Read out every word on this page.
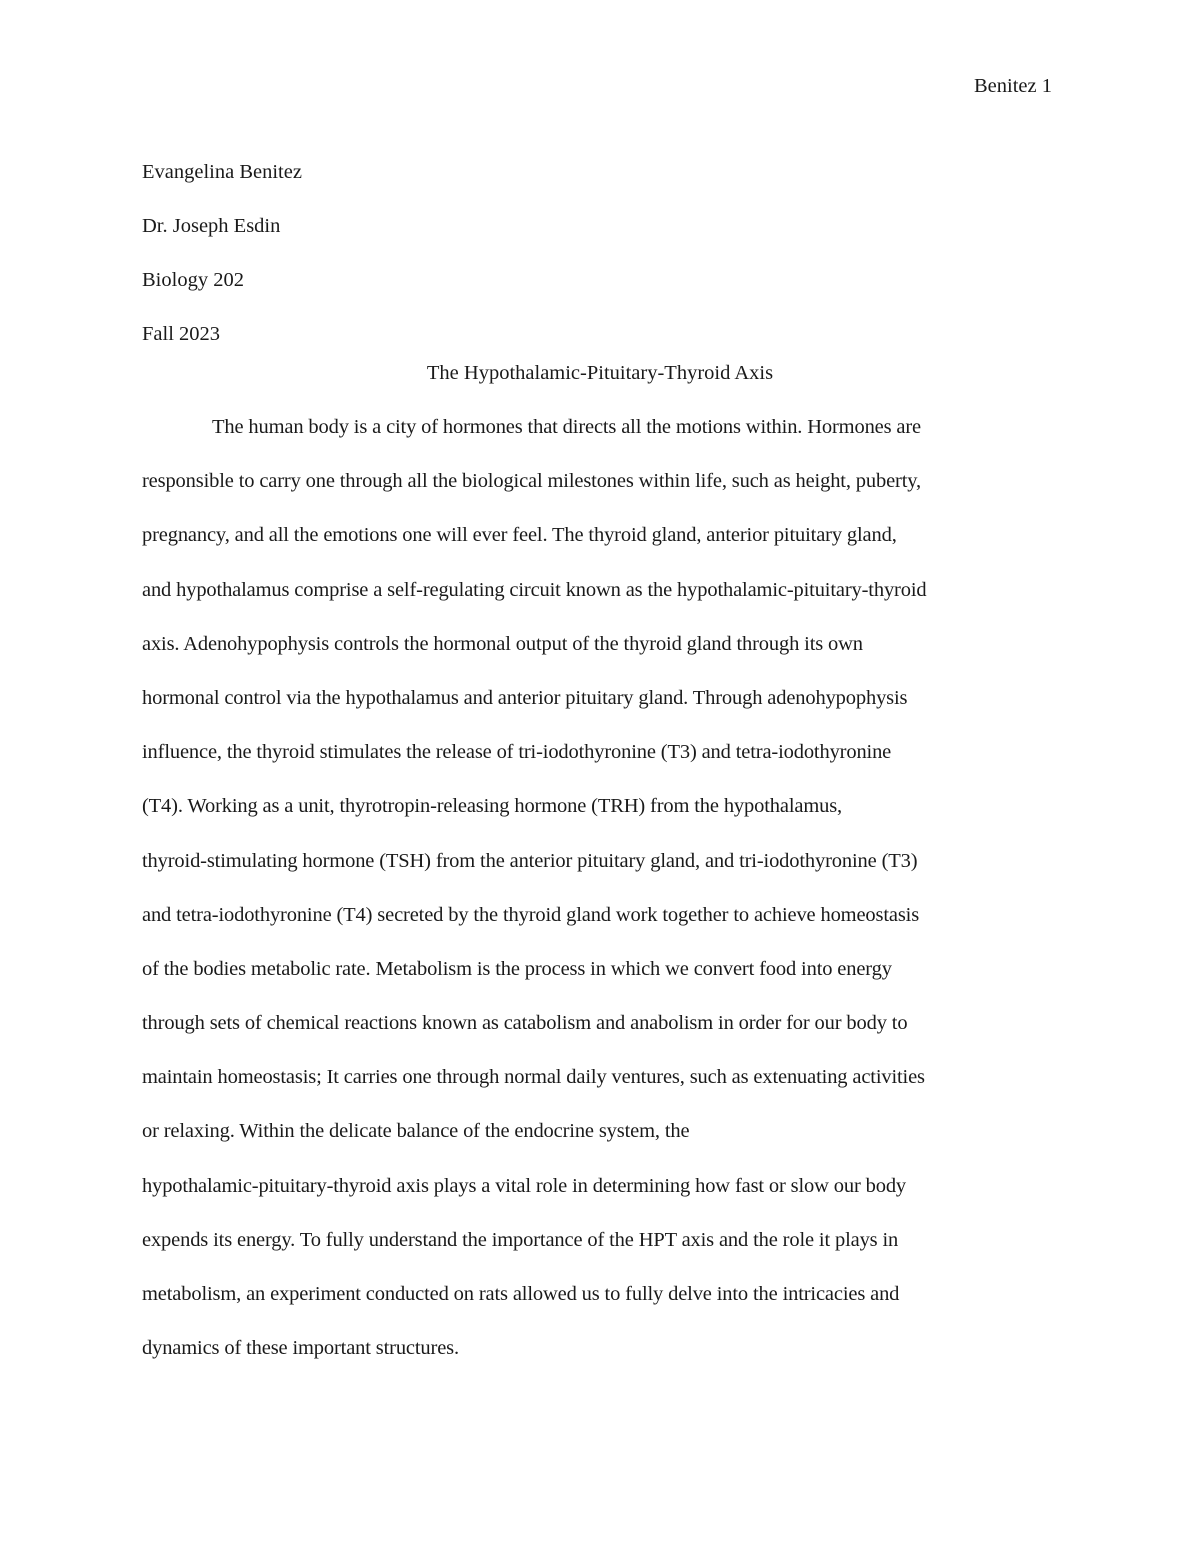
Benitez 1
Evangelina Benitez
Dr. Joseph Esdin
Biology 202
Fall 2023
The Hypothalamic-Pituitary-Thyroid Axis
The human body is a city of hormones that directs all the motions within. Hormones are
responsible to carry one through all the biological milestones within life, such as height, puberty,
pregnancy, and all the emotions one will ever feel. The thyroid gland, anterior pituitary gland,
and hypothalamus comprise a self-regulating circuit known as the hypothalamic-pituitary-thyroid
axis. Adenohypophysis controls the hormonal output of the thyroid gland through its own
hormonal control via the hypothalamus and anterior pituitary gland. Through adenohypophysis
influence, the thyroid stimulates the release of tri-iodothyronine (T3) and tetra-iodothyronine
(T4). Working as a unit, thyrotropin-releasing hormone (TRH) from the hypothalamus,
thyroid-stimulating hormone (TSH) from the anterior pituitary gland, and tri-iodothyronine (T3)
and tetra-iodothyronine (T4) secreted by the thyroid gland work together to achieve homeostasis
of the bodies metabolic rate. Metabolism is the process in which we convert food into energy
through sets of chemical reactions known as catabolism and anabolism in order for our body to
maintain homeostasis; It carries one through normal daily ventures, such as extenuating activities
or relaxing. Within the delicate balance of the endocrine system, the
hypothalamic-pituitary-thyroid axis plays a vital role in determining how fast or slow our body
expends its energy. To fully understand the importance of the HPT axis and the role it plays in
metabolism, an experiment conducted on rats allowed us to fully delve into the intricacies and
dynamics of these important structures.
